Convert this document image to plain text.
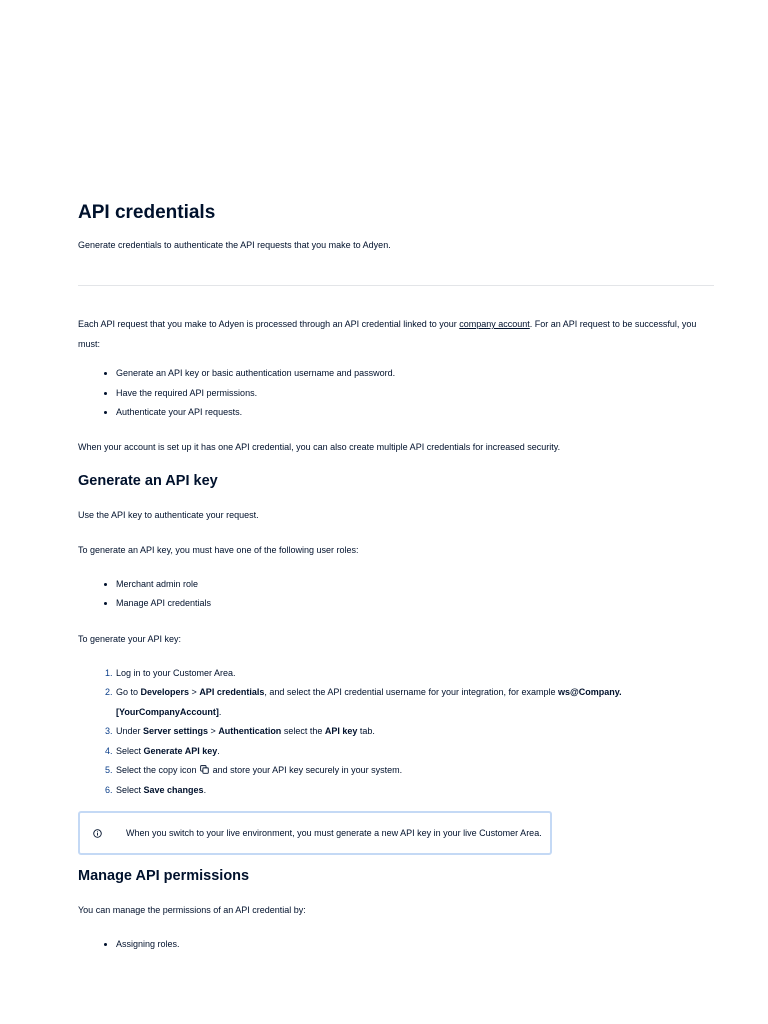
API credentials
Generate credentials to authenticate the API requests that you make to Adyen.

Each API request that you make to Adyen is processed through an API credential linked to your company account. For an API request to be successful, you must:

Generate an API key or basic authentication username and password.
Have the required API permissions.
Authenticate your API requests.

When your account is set up it has one API credential, you can also create multiple API credentials for increased security.

Generate an API key

Use the API key to authenticate your request.

To generate an API key, you must have one of the following user roles:

Merchant admin role
Manage API credentials

To generate your API key:

Log in to your Customer Area.
Go to Developers > API credentials, and select the API credential username for your integration, for example ws@Company.[YourCompanyAccount].
Under Server settings > Authentication select the API key tab.
Select Generate API key.
Select the copy icon  and store your API key securely in your system.
Select Save changes.
When you switch to your live environment, you must generate a new API key in your live Customer Area.
Manage API permissions

You can manage the permissions of an API credential by:

Assigning roles.
